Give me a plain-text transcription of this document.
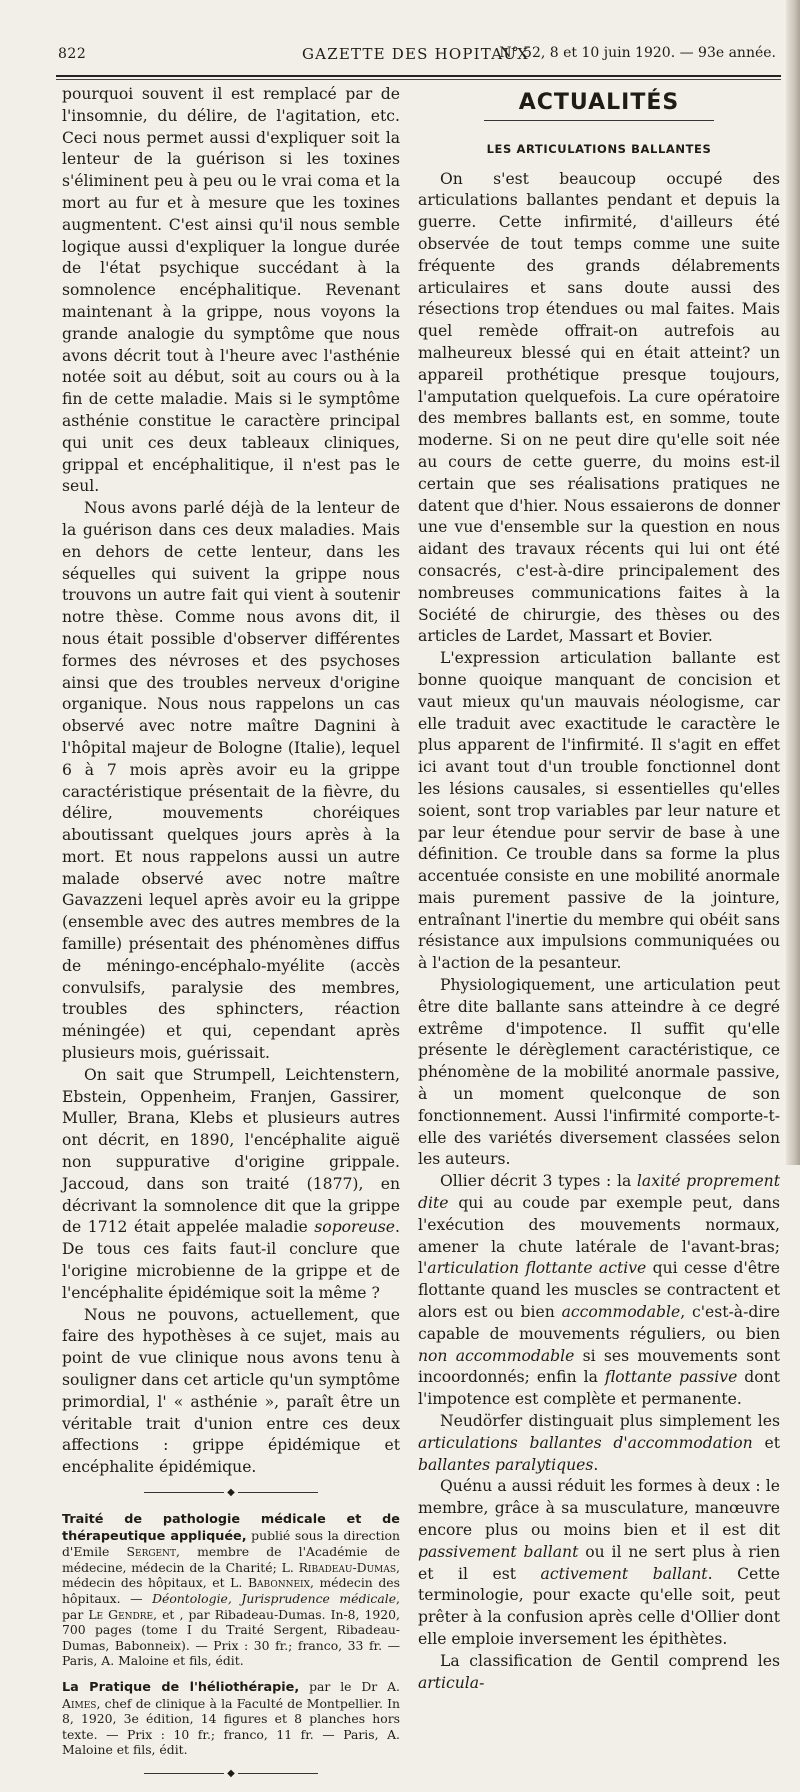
822	GAZETTE DES HOPITAUX
N° 52, 8 et 10 juin 1920. — 93e année.

pourquoi souvent il est remplacé par de l'insomnie, du délire, de l'agitation, etc. Ceci nous permet aussi d'expliquer soit la lenteur de la guérison si les toxines s'éliminent peu à peu ou le vrai coma et la mort au fur et à mesure que les toxines augmentent. C'est ainsi qu'il nous semble logique aussi d'expliquer la longue durée de l'état psychique succédant à la somnolence encéphalitique. Revenant maintenant à la grippe, nous voyons la grande analogie du symptôme que nous avons décrit tout à l'heure avec l'asthénie notée soit au début, soit au cours ou à la fin de cette maladie. Mais si le symptôme asthénie constitue le caractère principal qui unit ces deux tableaux cliniques, grippal et encéphalitique, il n'est pas le seul.

Nous avons parlé déjà de la lenteur de la guérison dans ces deux maladies. Mais en dehors de cette lenteur, dans les séquelles qui suivent la grippe nous trouvons un autre fait qui vient à soutenir notre thèse. Comme nous avons dit, il nous était possible d'observer différentes formes des névroses et des psychoses ainsi que des troubles nerveux d'origine organique. Nous nous rappelons un cas observé avec notre maître Dagnini à l'hôpital majeur de Bologne (Italie), lequel 6 à 7 mois après avoir eu la grippe caractéristique présentait de la fièvre, du délire, mouvements choréiques aboutissant quelques jours après à la mort. Et nous rappelons aussi un autre malade observé avec notre maître Gavazzeni lequel après avoir eu la grippe (ensemble avec des autres membres de la famille) présentait des phénomènes diffus de méningo-encéphalo-myélite (accès convulsifs, paralysie des membres, troubles des sphincters, réaction méningée) et qui, cependant après plusieurs mois, guérissait.

On sait que Strumpell, Leichtenstern, Ebstein, Oppenheim, Franjen, Gassirer, Muller, Brana, Klebs et plusieurs autres ont décrit, en 1890, l'encéphalite aiguë non suppurative d'origine grippale. Jaccoud, dans son traité (1877), en décrivant la somnolence dit que la grippe de 1712 était appelée maladie soporeuse. De tous ces faits faut-il conclure que l'origine microbienne de la grippe et de l'encéphalite épidémique soit la même ?

Nous ne pouvons, actuellement, que faire des hypothèses à ce sujet, mais au point de vue clinique nous avons tenu à souligner dans cet article qu'un symptôme primordial, l' « asthénie », paraît être un véritable trait d'union entre ces deux affections : grippe épidémique et encéphalite épidémique.

◆

Traité de pathologie médicale et de thérapeutique appliquée, publié sous la direction d'Emile Sergent, membre de l'Académie de médecine, médecin de la Charité; L. Ribadeau-Dumas, médecin des hôpitaux, et L. Babonneix, médecin des hôpitaux. — Déontologie, Jurisprudence médicale, par Le Gendre, et , par Ribadeau-Dumas. In-8, 1920, 700 pages (tome I du Traité Sergent, Ribadeau-Dumas, Babonneix). — Prix : 30 fr.; franco, 33 fr. — Paris, A. Maloine et fils, édit.

La Pratique de l'héliothérapie, par le Dr A. Aimes, chef de clinique à la Faculté de Montpellier. In 8, 1920, 3e édition, 14 figures et 8 planches hors texte. — Prix : 10 fr.; franco, 11 fr. — Paris, A. Maloine et fils, édit.

◆
ACTUALITÉS
LES ARTICULATIONS BALLANTES

On s'est beaucoup occupé des articulations ballantes pendant et depuis la guerre. Cette infirmité, d'ailleurs été observée de tout temps comme une suite fréquente des grands délabrements articulaires et sans doute aussi des résections trop étendues ou mal faites. Mais quel remède offrait-on autrefois au malheureux blessé qui en était atteint? un appareil prothétique presque toujours, l'amputation quelquefois. La cure opératoire des membres ballants est, en somme, toute moderne. Si on ne peut dire qu'elle soit née au cours de cette guerre, du moins est-il certain que ses réalisations pratiques ne datent que d'hier. Nous essaierons de donner une vue d'ensemble sur la question en nous aidant des travaux récents qui lui ont été consacrés, c'est-à-dire principalement des nombreuses communications faites à la Société de chirurgie, des thèses ou des articles de Lardet, Massart et Bovier.

L'expression articulation ballante est bonne quoique manquant de concision et vaut mieux qu'un mauvais néologisme, car elle traduit avec exactitude le caractère le plus apparent de l'infirmité. Il s'agit en effet ici avant tout d'un trouble fonctionnel dont les lésions causales, si essentielles qu'elles soient, sont trop variables par leur nature et par leur étendue pour servir de base à une définition. Ce trouble dans sa forme la plus accentuée consiste en une mobilité anormale mais purement passive de la jointure, entraînant l'inertie du membre qui obéit sans résistance aux impulsions communiquées ou à l'action de la pesanteur.

Physiologiquement, une articulation peut être dite ballante sans atteindre à ce degré extrême d'impotence. Il suffit qu'elle présente le dérèglement caractéristique, ce phénomène de la mobilité anormale passive, à un moment quelconque de son fonctionnement. Aussi l'infirmité comporte-t-elle des variétés diversement classées selon les auteurs.

Ollier décrit 3 types : la laxité proprement dite qui au coude par exemple peut, dans l'exécution des mouvements normaux, amener la chute latérale de l'avant-bras; l'articulation flottante active qui cesse d'être flottante quand les muscles se contractent et alors est ou bien accommodable, c'est-à-dire capable de mouvements réguliers, ou bien non accommodable si ses mouvements sont incoordonnés; enfin la flottante passive dont l'impotence est complète et permanente.

Neudörfer distinguait plus simplement les articulations ballantes d'accommodation et ballantes paralytiques.

Quénu a aussi réduit les formes à deux : le membre, grâce à sa musculature, manœuvre encore plus ou moins bien et il est dit passivement ballant ou il ne sert plus à rien et il est activement ballant. Cette terminologie, pour exacte qu'elle soit, peut prêter à la confusion après celle d'Ollier dont elle emploie inversement les épithètes.

La classification de Gentil comprend les articula-
